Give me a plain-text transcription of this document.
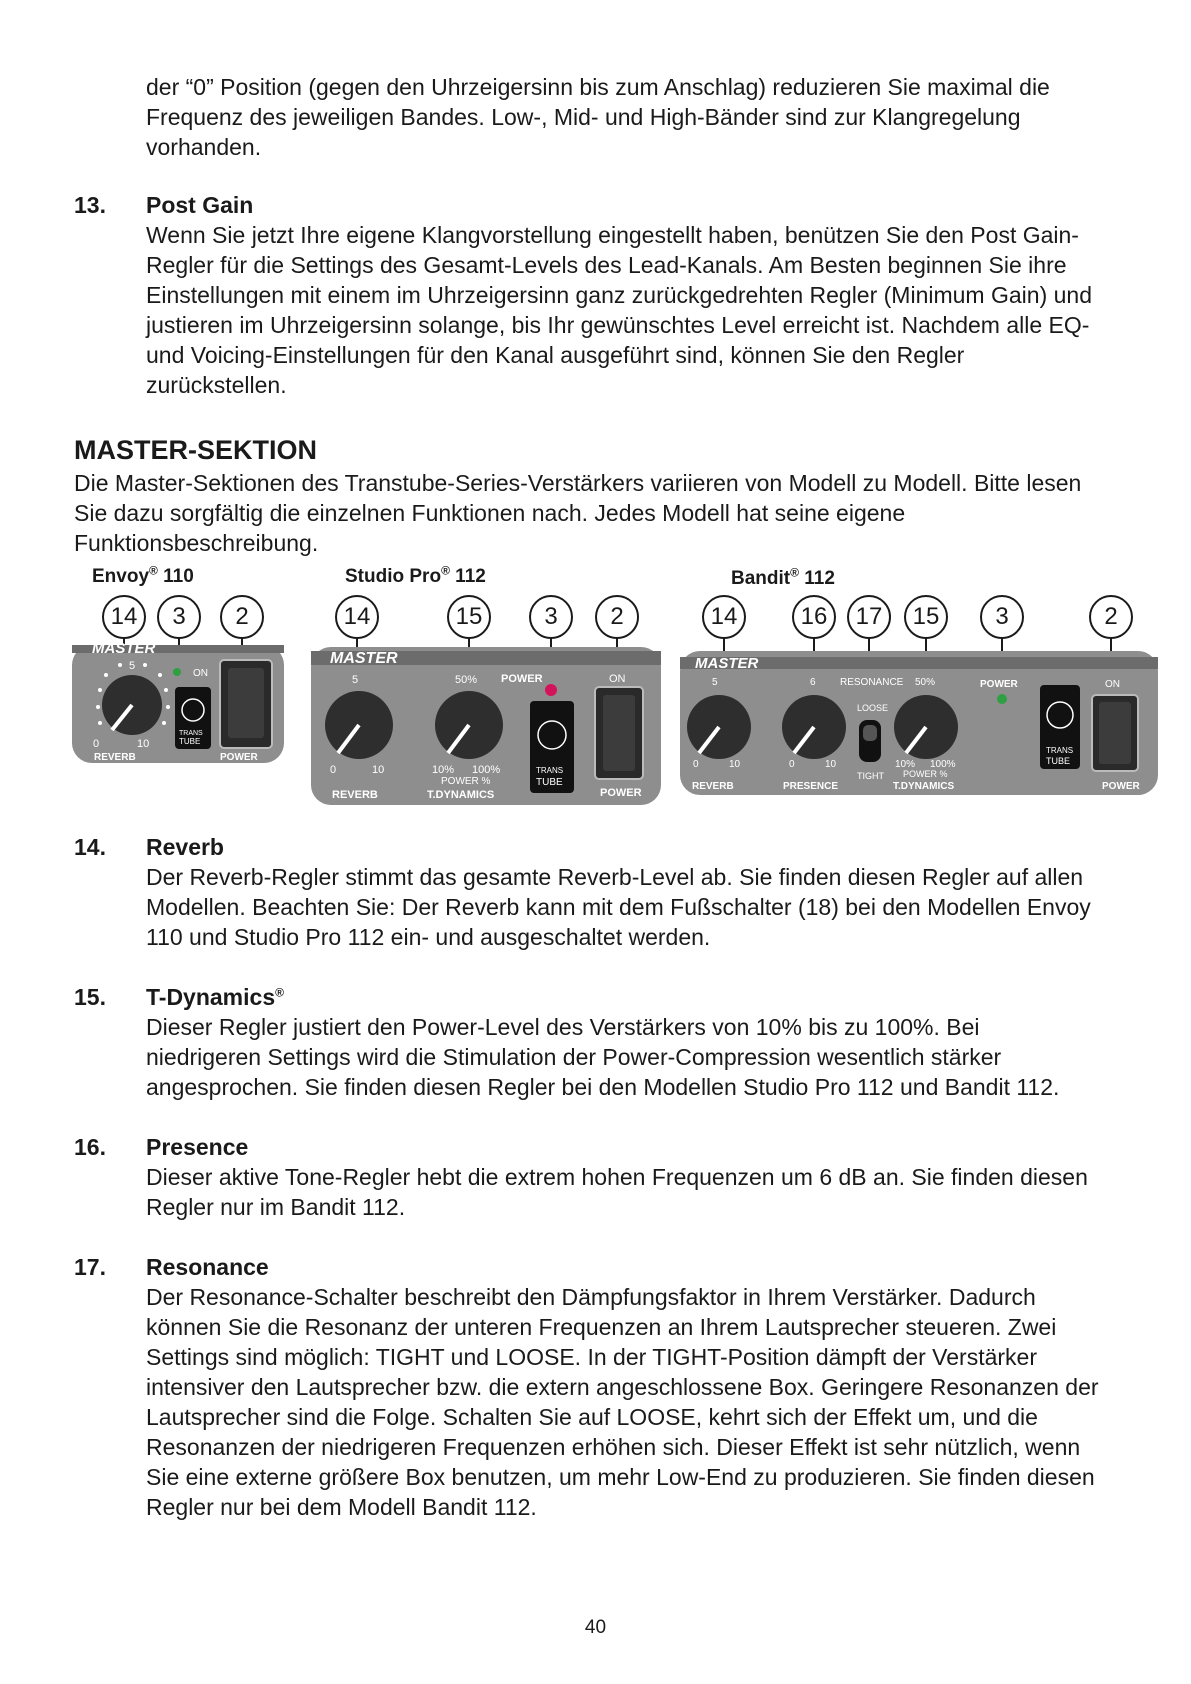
der “0” Position (gegen den Uhrzeigersinn bis zum Anschlag) reduzieren Sie maximal die
Frequenz des jeweiligen Bandes. Low-, Mid- und High-Bänder sind zur Klangregelung
vorhanden.

13. Post Gain

Wenn Sie jetzt Ihre eigene Klangvorstellung eingestellt haben, benützen Sie den Post Gain-
Regler für die Settings des Gesamt-Levels des Lead-Kanals. Am Besten beginnen Sie ihre
Einstellungen mit einem im Uhrzeigersinn ganz zurückgedrehten Regler (Minimum Gain) und
justieren im Uhrzeigersinn solange, bis Ihr gewünschtes Level erreicht ist. Nachdem alle EQ-
und Voicing-Einstellungen für den Kanal ausgeführt sind, können Sie den Regler
zurückstellen.

MASTER-SEKTION

Die Master-Sektionen des Transtube-Series-Verstärkers variieren von Modell zu Modell. Bitte lesen
Sie dazu sorgfältig die einzelnen Funktionen nach. Jedes Modell hat seine eigene
Funktionsbeschreibung.

Envoy® 110	Studio Pro® 112	Bandit® 112
MASTER
5
0	10
REVERB
ON
TRANS
TUBE
POWER
MASTER
5	50%
0	10	10% 100%
POWER %
REVERB	T.DYNAMICS
POWER
TRANS
TUBE
ON
POWER
MASTER
5	6 RESONANCE 50%
LOOSE
TIGHT
0	10	0	10	10% 100%
POWER %
REVERB	PRESENCE	T.DYNAMICS
POWER
TRANS
TUBE
ON
POWER
14	3	2	14	15	3	2	14	16	17	15	3	2
14. Reverb

Der Reverb-Regler stimmt das gesamte Reverb-Level ab. Sie finden diesen Regler auf allen
Modellen. Beachten Sie: Der Reverb kann mit dem Fußschalter (18) bei den Modellen Envoy
110 und Studio Pro 112 ein- und ausgeschaltet werden.

15. T-Dynamics®

Dieser Regler justiert den Power-Level des Verstärkers von 10% bis zu 100%. Bei
niedrigeren Settings wird die Stimulation der Power-Compression wesentlich stärker
angesprochen. Sie finden diesen Regler bei den Modellen Studio Pro 112 und Bandit 112.

16. Presence

Dieser aktive Tone-Regler hebt die extrem hohen Frequenzen um 6 dB an. Sie finden diesen
Regler nur im Bandit 112.

17. Resonance

Der Resonance-Schalter beschreibt den Dämpfungsfaktor in Ihrem Verstärker. Dadurch
können Sie die Resonanz der unteren Frequenzen an Ihrem Lautsprecher steueren. Zwei
Settings sind möglich: TIGHT und LOOSE. In der TIGHT-Position dämpft der Verstärker
intensiver den Lautsprecher bzw. die extern angeschlossene Box. Geringere Resonanzen der
Lautsprecher sind die Folge. Schalten Sie auf LOOSE, kehrt sich der Effekt um, und die
Resonanzen der niedrigeren Frequenzen erhöhen sich. Dieser Effekt ist sehr nützlich, wenn
Sie eine externe größere Box benutzen, um mehr Low-End zu produzieren. Sie finden diesen
Regler nur bei dem Modell Bandit 112.

40
